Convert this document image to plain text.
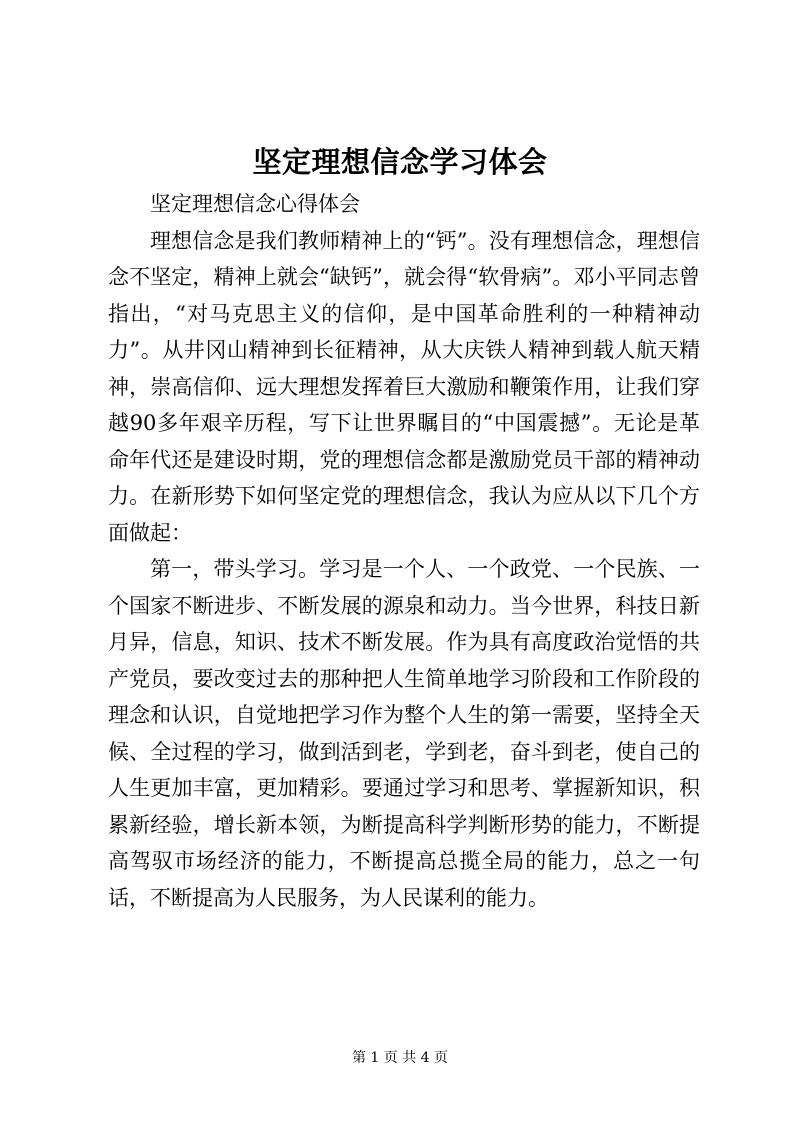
坚定理想信念学习体会

坚定理想信念心得体会

理想信念是我们教师精神上的“钙”。没有理想信念，理想信念不坚定，精神上就会“缺钙”，就会得“软骨病”。邓小平同志曾指出，“对马克思主义的信仰，是中国革命胜利的一种精神动力”。从井冈山精神到长征精神，从大庆铁人精神到载人航天精神，崇高信仰、远大理想发挥着巨大激励和鞭策作用，让我们穿越90多年艰辛历程，写下让世界瞩目的“中国震撼”。无论是革命年代还是建设时期，党的理想信念都是激励党员干部的精神动力。在新形势下如何坚定党的理想信念，我认为应从以下几个方面做起：

第一，带头学习。学习是一个人、一个政党、一个民族、一个国家不断进步、不断发展的源泉和动力。当今世界，科技日新月异，信息，知识、技术不断发展。作为具有高度政治觉悟的共产党员，要改变过去的那种把人生简单地学习阶段和工作阶段的理念和认识，自觉地把学习作为整个人生的第一需要，坚持全天候、全过程的学习，做到活到老，学到老，奋斗到老，使自己的人生更加丰富，更加精彩。要通过学习和思考、掌握新知识，积累新经验，增长新本领，为断提高科学判断形势的能力，不断提高驾驭市场经济的能力，不断提高总揽全局的能力，总之一句话，不断提高为人民服务，为人民谋利的能力。

第 1 页 共 4 页
